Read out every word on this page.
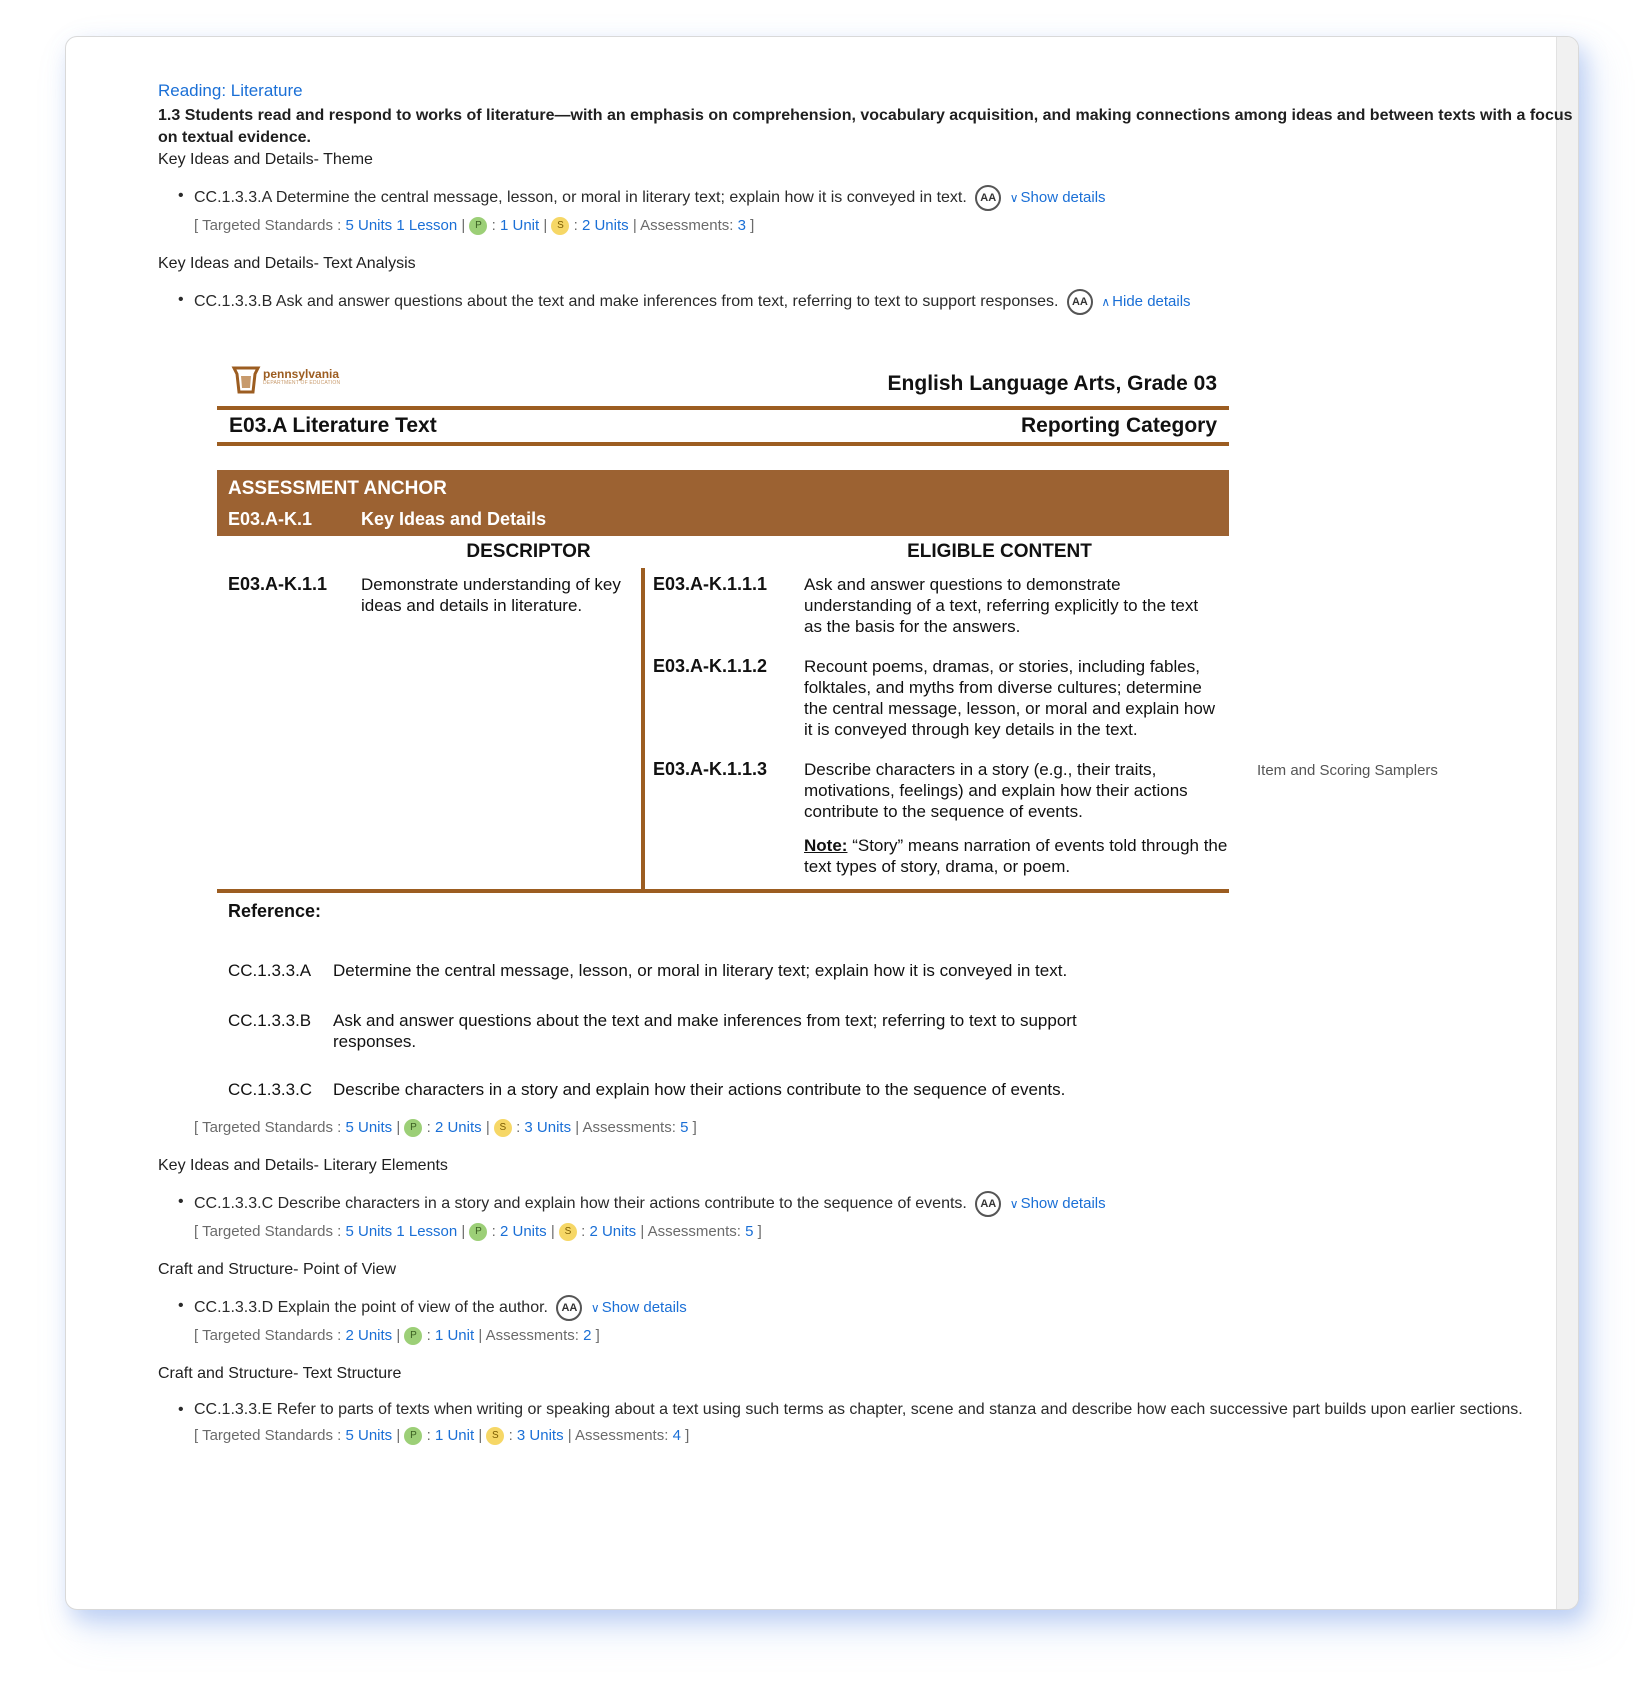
Reading: Literature
1.3 Students read and respond to works of literature—with an emphasis on comprehension, vocabulary acquisition, and making connections among ideas and between texts with a focus on textual evidence.
Key Ideas and Details- Theme
• CC.1.3.3.A Determine the central message, lesson, or moral in literary text; explain how it is conveyed in text. AA ∨ Show details
[ Targeted Standards : 5 Units 1 Lesson | P : 1 Unit | S : 2 Units | Assessments: 3 ]
Key Ideas and Details- Text Analysis
• CC.1.3.3.B Ask and answer questions about the text and make inferences from text, referring to text to support responses. AA ∧ Hide details
[ Targeted Standards : 5 Units | P : 2 Units | S : 3 Units | Assessments: 5 ]
Key Ideas and Details- Literary Elements
• CC.1.3.3.C Describe characters in a story and explain how their actions contribute to the sequence of events. AA ∨ Show details
[ Targeted Standards : 5 Units 1 Lesson | P : 2 Units | S : 2 Units | Assessments: 5 ]
Craft and Structure- Point of View
• CC.1.3.3.D Explain the point of view of the author. AA ∨ Show details
[ Targeted Standards : 2 Units | P : 1 Unit | Assessments: 2 ]
Craft and Structure- Text Structure
• CC.1.3.3.E Refer to parts of texts when writing or speaking about a text using such terms as chapter, scene and stanza and describe how each successive part builds upon earlier sections.
[ Targeted Standards : 5 Units | P : 1 Unit | S : 3 Units | Assessments: 4 ]
pennsylvania
DEPARTMENT OF EDUCATION	English Language Arts, Grade 03
E03.A Literature Text	Reporting Category
ASSESSMENT ANCHOR
E03.A-K.1	Key Ideas and Details
DESCRIPTOR	ELIGIBLE CONTENT
E03.A-K.1.1	Demonstrate understanding of key ideas and details in literature.
E03.A-K.1.1.1	Ask and answer questions to demonstrate understanding of a text, referring explicitly to the text as the basis for the answers.
E03.A-K.1.1.2	Recount poems, dramas, or stories, including fables, folktales, and myths from diverse cultures; determine the central message, lesson, or moral and explain how it is conveyed through key details in the text.
E03.A-K.1.1.3	Describe characters in a story (e.g., their traits, motivations, feelings) and explain how their actions contribute to the sequence of events.
Note: “Story” means narration of events told through the text types of story, drama, or poem.
Reference:
CC.1.3.3.A	Determine the central message, lesson, or moral in literary text; explain how it is conveyed in text.
CC.1.3.3.B	Ask and answer questions about the text and make inferences from text; referring to text to support responses.
CC.1.3.3.C	Describe characters in a story and explain how their actions contribute to the sequence of events.
Item and Scoring Samplers
